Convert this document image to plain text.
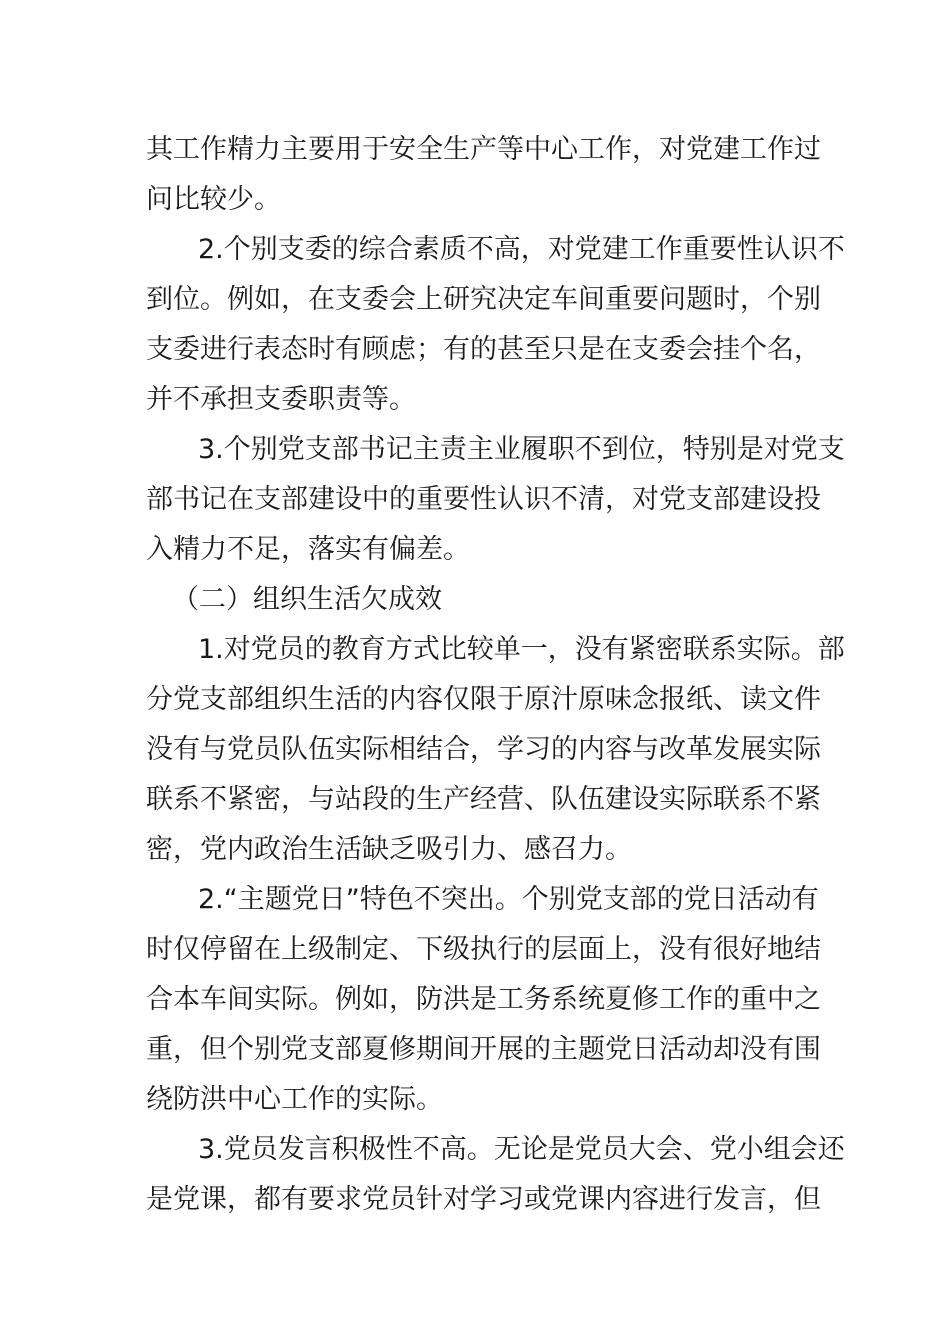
其工作精力主要用于安全生产等中心工作，对党建工作过
问比较少。
2.个别支委的综合素质不高，对党建工作重要性认识不
到位。例如，在支委会上研究决定车间重要问题时，个别
支委进行表态时有顾虑；有的甚至只是在支委会挂个名，
并不承担支委职责等。
3.个别党支部书记主责主业履职不到位，特别是对党支
部书记在支部建设中的重要性认识不清，对党支部建设投
入精力不足，落实有偏差。
（二）组织生活欠成效
1.对党员的教育方式比较单一，没有紧密联系实际。部
分党支部组织生活的内容仅限于原汁原味念报纸、读文件
没有与党员队伍实际相结合，学习的内容与改革发展实际
联系不紧密，与站段的生产经营、队伍建设实际联系不紧
密，党内政治生活缺乏吸引力、感召力。
2.“主题党日”特色不突出。个别党支部的党日活动有
时仅停留在上级制定、下级执行的层面上，没有很好地结
合本车间实际。例如，防洪是工务系统夏修工作的重中之
重，但个别党支部夏修期间开展的主题党日活动却没有围
绕防洪中心工作的实际。
3.党员发言积极性不高。无论是党员大会、党小组会还
是党课，都有要求党员针对学习或党课内容进行发言，但
